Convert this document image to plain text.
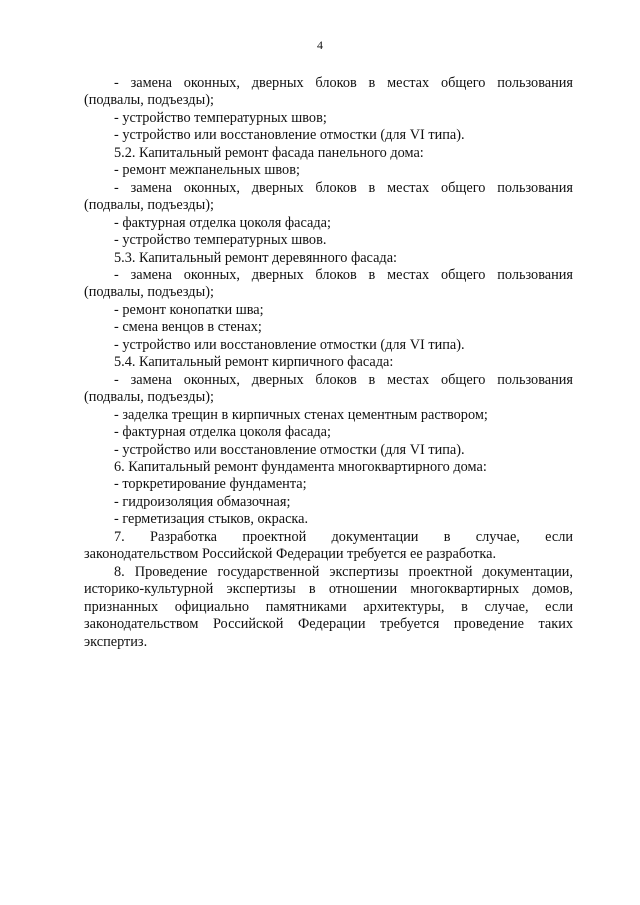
4
- замена оконных, дверных блоков в местах общего пользования
(подвалы, подъезды);
- устройство температурных швов;
- устройство или восстановление отмостки (для VI типа).
5.2. Капитальный ремонт фасада панельного дома:
- ремонт межпанельных швов;
- замена оконных, дверных блоков в местах общего пользования
(подвалы, подъезды);
- фактурная отделка цоколя фасада;
- устройство температурных швов.
5.3. Капитальный ремонт деревянного фасада:
- замена оконных, дверных блоков в местах общего пользования
(подвалы, подъезды);
- ремонт конопатки шва;
- смена венцов в стенах;
- устройство или восстановление отмостки (для VI типа).
5.4. Капитальный ремонт кирпичного фасада:
- замена оконных, дверных блоков в местах общего пользования
(подвалы, подъезды);
- заделка трещин в кирпичных стенах цементным раствором;
- фактурная отделка цоколя фасада;
- устройство или восстановление отмостки (для VI типа).
6. Капитальный ремонт фундамента многоквартирного дома:
- торкретирование фундамента;
- гидроизоляция обмазочная;
- герметизация стыков, окраска.
7. Разработка проектной документации в случае, если
законодательством Российской Федерации требуется ее разработка.
8. Проведение государственной экспертизы проектной документации,
историко-культурной экспертизы в отношении многоквартирных домов,
признанных официально памятниками архитектуры, в случае, если
законодательством Российской Федерации требуется проведение таких
экспертиз.
